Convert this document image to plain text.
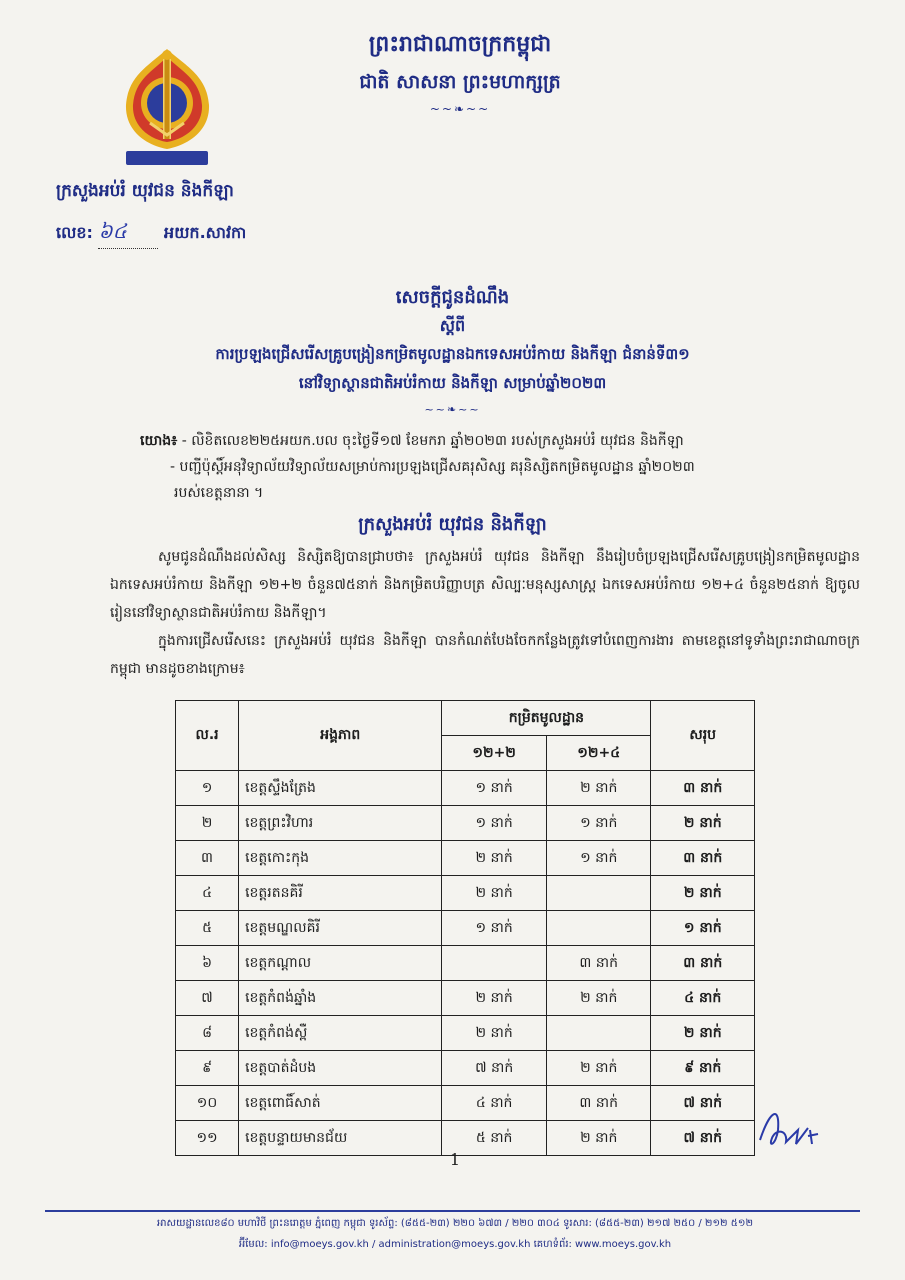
ព្រះរាជាណាចក្រកម្ពុជា
ជាតិ សាសនា ព្រះមហាក្សត្រ
~~❧~~
ក្រសួងអប់រំ យុវជន និងកីឡា
លេខ: ៦៤ អយក.សាវកា
សេចក្តីជូនដំណឹង
ស្តីពី
ការប្រឡងជ្រើសរើសគ្រូបង្រៀនកម្រិតមូលដ្ឋានឯកទេសអប់រំកាយ និងកីឡា ជំនាន់ទី៣១
នៅវិទ្យាស្ថានជាតិអប់រំកាយ និងកីឡា សម្រាប់ឆ្នាំ២០២៣
~~❧~~
យោង៖ - លិខិតលេខ២២៥អយក.បល ចុះថ្ងៃទី១៧ ខែមករា ឆ្នាំ២០២៣ របស់ក្រសួងអប់រំ យុវជន និងកីឡា
- បញ្ជីប៉ុស្តិ៍អនុវិទ្យាល័យវិទ្យាល័យសម្រាប់ការប្រឡងជ្រើសគរុសិស្ស គរុនិស្សិតកម្រិតមូលដ្ឋាន ឆ្នាំ២០២៣
របស់ខេត្តនានា ។
ក្រសួងអប់រំ យុវជន និងកីឡា

សូមជូនដំណឹងដល់សិស្ស និស្សិតឱ្យបានជ្រាបថា៖ ក្រសួងអប់រំ យុវជន និងកីឡា នឹងរៀបចំប្រឡងជ្រើសរើសគ្រូបង្រៀនកម្រិតមូលដ្ឋានឯកទេសអប់រំកាយ និងកីឡា ១២+២ ចំនួន៧៥នាក់ និងកម្រិតបរិញ្ញាបត្រ សិល្បៈមនុស្សសាស្ត្រ ឯកទេសអប់រំកាយ ១២+៤ ចំនួន២៥នាក់ ឱ្យចូលរៀននៅវិទ្យាស្ថានជាតិអប់រំកាយ និងកីឡា។

ក្នុងការជ្រើសរើសនេះ ក្រសួងអប់រំ យុវជន និងកីឡា បានកំណត់បែងចែកកន្លែងត្រូវទៅបំពេញការងារ តាមខេត្តនៅទូទាំងព្រះរាជាណាចក្រកម្ពុជា មានដូចខាងក្រោម៖

ល.រ	អង្គភាព	កម្រិតមូលដ្ឋាន		សរុប
		១២+២	១២+៤	
១	ខេត្តស្ទឹងត្រែង	១ នាក់	២ នាក់	៣ នាក់
២	ខេត្តព្រះវិហារ	១ នាក់	១ នាក់	២ នាក់
៣	ខេត្តកោះកុង	២ នាក់	១ នាក់	៣ នាក់
៤	ខេត្តរតនគិរី	២ នាក់		២ នាក់
៥	ខេត្តមណ្ឌលគិរី	១ នាក់		១ នាក់
៦	ខេត្តកណ្តាល		៣ នាក់	៣ នាក់
៧	ខេត្តកំពង់ឆ្នាំង	២ នាក់	២ នាក់	៤ នាក់
៨	ខេត្តកំពង់ស្ពឺ	២ នាក់		២ នាក់
៩	ខេត្តបាត់ដំបង	៧ នាក់	២ នាក់	៩ នាក់
១០	ខេត្តពោធិ៍សាត់	៤ នាក់	៣ នាក់	៧ នាក់
១១	ខេត្តបន្ទាយមានជ័យ	៥ នាក់	២ នាក់	៧ នាក់
1
អាសយដ្ឋានលេខ៨០ មហាវិថី ព្រះនរោត្តម ភ្នំពេញ កម្ពុជា ទូរស័ព្ទ: (៨៥៥-២៣) ២២០ ៦៧៣ / ២២០ ៣០៤ ទូរសារ: (៨៥៥-២៣) ២១៧ ២៥០ / ២១២ ៥១២
អ៊ីមែល: info@moeys.gov.kh / administration@moeys.gov.kh គេហទំព័រ: www.moeys.gov.kh
